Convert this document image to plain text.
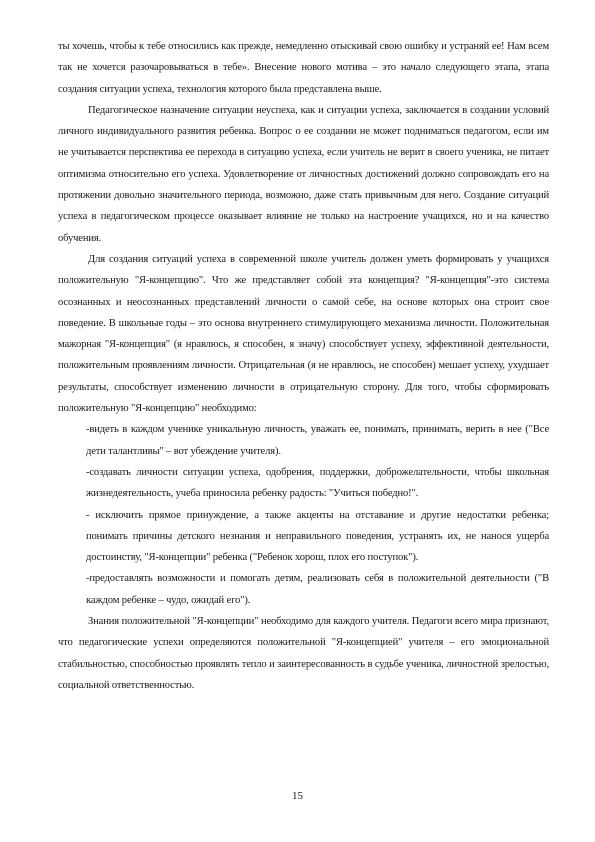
ты хочешь, чтобы к тебе относились как прежде, немедленно отыскивай свою ошибку и устраняй ее! Нам всем так не хочется разочаровываться в тебе». Внесение нового мотива – это начало следующего этапа, этапа создания ситуации успеха, технология которого была представлена выше.

Педагогическое назначение ситуации неуспеха, как и ситуации успеха, заключается в создании условий личного индивидуального развития ребенка. Вопрос о ее создании не может подниматься педагогом, если им не учитывается перспектива ее перехода в ситуацию успеха, если учитель не верит в своего ученика, не питает оптимизма относительно его успеха. Удовлетворение от личностных достижений должно сопровождать его на протяжении довольно значительного периода, возможно, даже стать привычным для него. Создание ситуаций успеха в педагогическом процессе оказывает влияние не только на настроение учащихся, но и на качество обучения.

Для создания ситуаций успеха в современной школе учитель должен уметь формировать у учащихся положительную "Я-концепцию". Что же представляет собой эта концепция? "Я-концепция"-это система осознанных и неосознанных представлений личности о самой себе, на основе которых она строит свое поведение. В школьные годы – это основа внутреннего стимулирующего механизма личности. Положительная мажорная "Я-концепция" (я нравлюсь, я способен, я значу) способствует успеху, эффективной деятельности, положительным проявлениям личности. Отрицательная (я не нравлюсь, не способен) мешает успеху, ухудшает результаты, способствует изменению личности в отрицательную сторону. Для того, чтобы сформировать положительную "Я-концепцию" необходимо:

-видеть в каждом ученике уникальную личность, уважать ее, понимать, принимать, верить в нее ("Все дети талантливы" – вот убеждение учителя).

-создавать личности ситуации успеха, одобрения, поддержки, доброжелательности, чтобы школьная жизнедеятельность, учеба приносила ребенку радость: "Учиться победно!".

- исключить прямое принуждение, а также акценты на отставание и другие недостатки ребенка; понимать причины детского незнания и неправильного поведения, устранять их, не нанося ущерба достоинству, "Я-концепции" ребенка ("Ребенок хорош, плох его поступок").

-предоставлять возможности и помогать детям, реализовать себя в положительной деятельности ("В каждом ребенке – чудо, ожидай его").

Знания положительной "Я-концепции" необходимо для каждого учителя. Педагоги всего мира признают, что педагогические успехи определяются положительной "Я-концепцией" учителя – его эмоциональной стабильностью, способностью проявлять тепло и заинтересованность в судьбе ученика, личностной зрелостью, социальной ответственностью.

15
